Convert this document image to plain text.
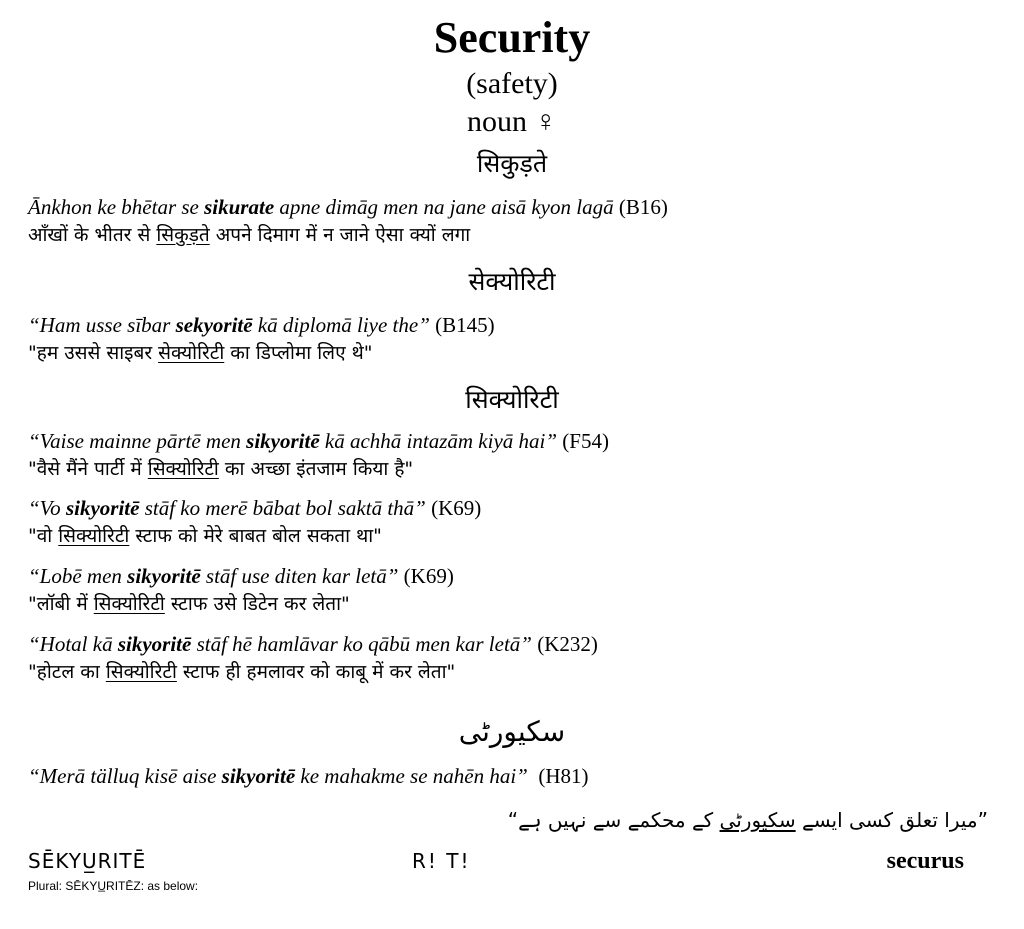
Security
(safety)
noun ♀
सिकुड़ते
Ānkhon ke bhētar se sikurate apne dimāg men na jane aisā kyon lagā (B16)
आँखों के भीतर से सिकुड़ते अपने दिमाग में न जाने ऐसा क्यों लगा
सेक्योरिटी
“Ham usse sībar sekyoritē kā diplomā liye the” (B145)
"हम उससे साइबर सेक्योरिटी का डिप्लोमा लिए थे"
सिक्योरिटी
“Vaise mainne pārtē men sikyoritē kā achhā intazām kiyā hai” (F54)
"वैसे मैंने पार्टी में सिक्योरिटी का अच्छा इंतजाम किया है"
“Vo sikyoritē stāf ko merē bābat bol saktā thā” (K69)
"वो सिक्योरिटी स्टाफ को मेरे बाबत बोल सकता था"
“Lobē men sikyoritē stāf use diten kar letā” (K69)
"लॉबी में सिक्योरिटी स्टाफ उसे डिटेन कर लेता"
“Hotal kā sikyoritē stāf hē hamlāvar ko qābū men kar letā” (K232)
"होटल का सिक्योरिटी स्टाफ ही हमलावर को काबू में कर लेता"
سکیورٹی
“Merā tälluq kisē aise sikyoritē ke mahakme se nahēn hai” (H81)
”میرا تعلق کسی ایسے سکیورٹی کے محکمے سے نہیں ہے“
SĒKYU̲RITĒ	R! T!	securus
Plural: SĒKYU̲RITĒZ: as below:
